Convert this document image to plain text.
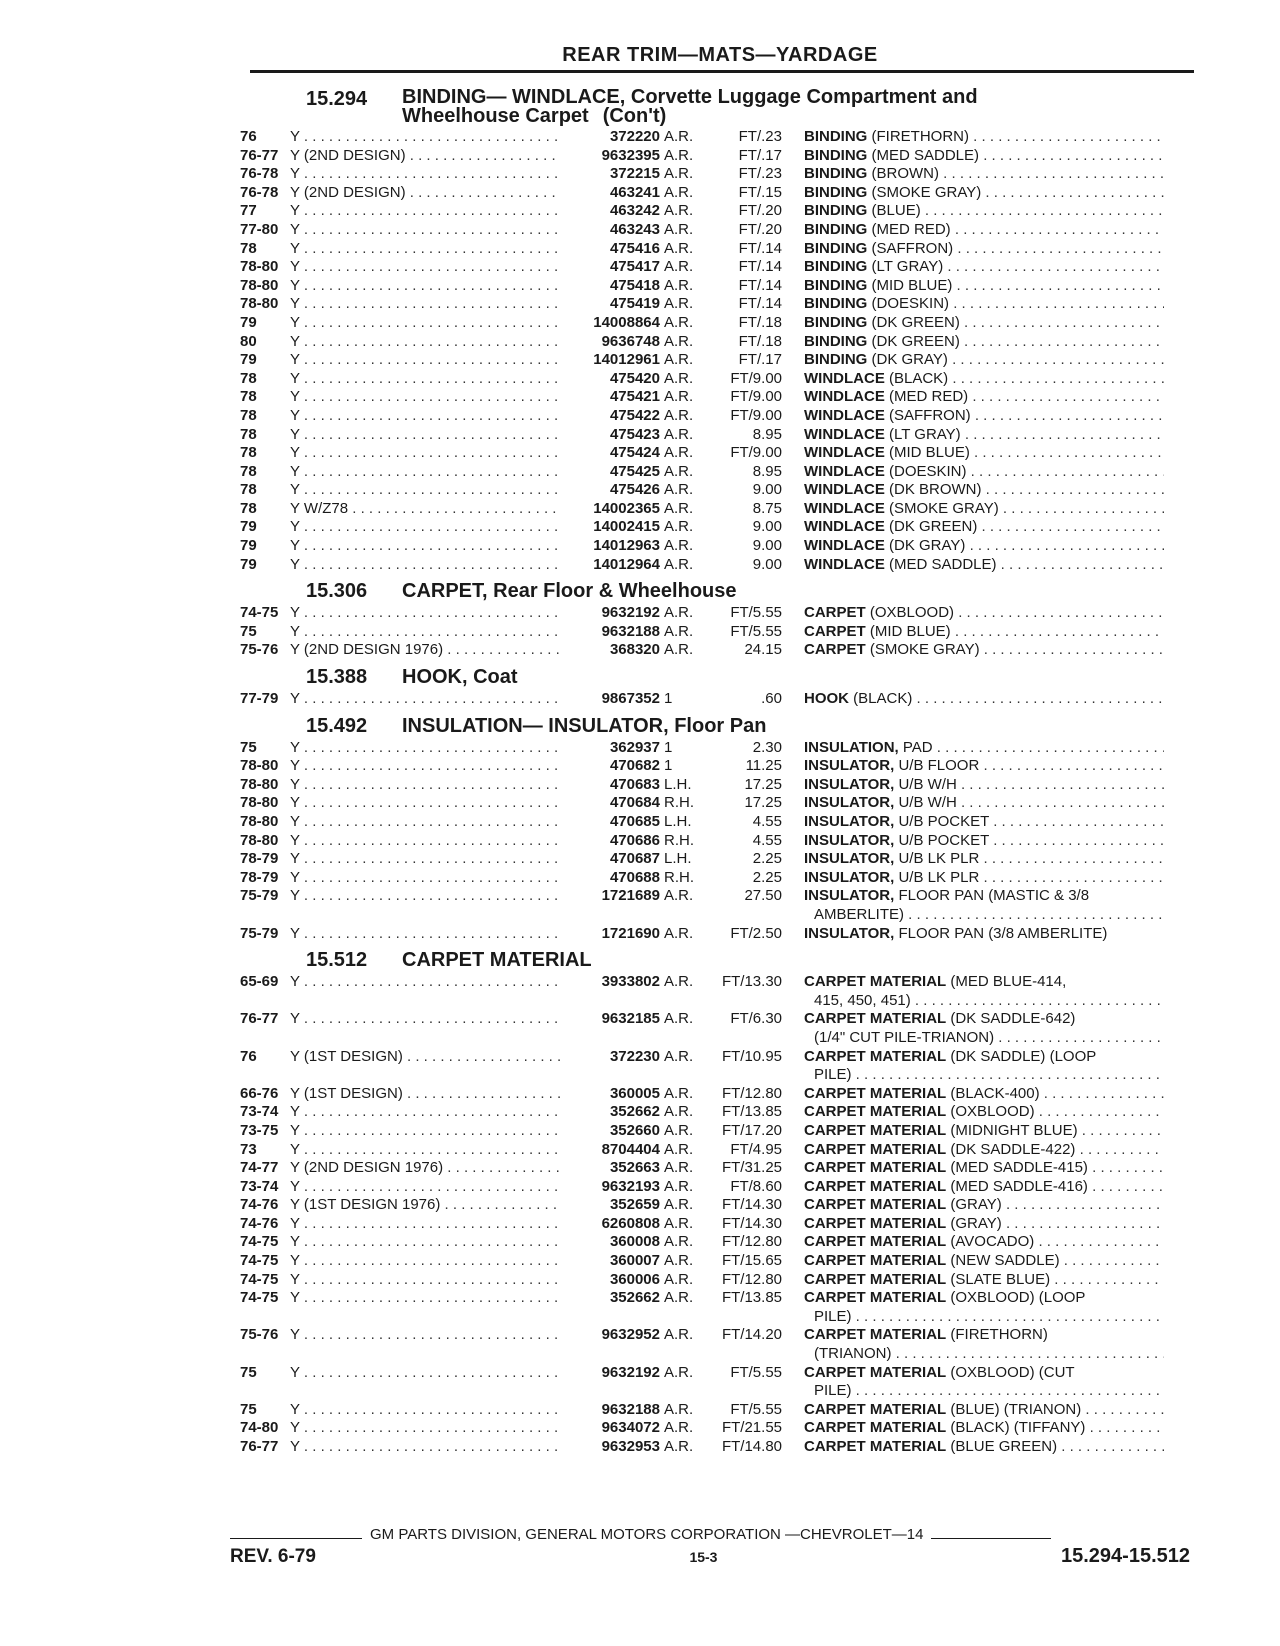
REAR TRIM—MATS—YARDAGE
15.294	BINDING— WINDLACE, Corvette Luggage Compartment and
Wheelhouse Carpet (Con't)
76	Y . . .	372220 A.R.	FT/.23	BINDING (FIRETHORN) . . .
76-77 Y (2ND DESIGN) . . .	9632395 A.R.	FT/.17	BINDING (MED SADDLE) . . .
76-78 Y . . .	372215 A.R.	FT/.23	BINDING (BROWN) . . .
76-78 Y (2ND DESIGN) . . .	463241 A.R.	FT/.15	BINDING (SMOKE GRAY) . . .
77	Y . . .	463242 A.R.	FT/.20	BINDING (BLUE) . . .
77-80 Y . . .	463243 A.R.	FT/.20	BINDING (MED RED) . . .
78	Y . . .	475416 A.R.	FT/.14	BINDING (SAFFRON) . . .
78-80 Y . . .	475417 A.R.	FT/.14	BINDING (LT GRAY) . . .
78-80 Y . . .	475418 A.R.	FT/.14	BINDING (MID BLUE) . . .
78-80 Y . . .	475419 A.R.	FT/.14	BINDING (DOESKIN) . . .
79	Y . . .	14008864 A.R.	FT/.18	BINDING (DK GREEN) . . .
80	Y . . .	9636748 A.R.	FT/.18	BINDING (DK GREEN) . . .
79	Y . . .	14012961 A.R.	FT/.17	BINDING (DK GRAY) . . .
78	Y . . .	475420 A.R.	FT/9.00	WINDLACE (BLACK) . . .
78	Y . . .	475421 A.R.	FT/9.00	WINDLACE (MED RED) . . .
78	Y . . .	475422 A.R.	FT/9.00	WINDLACE (SAFFRON) . . .
78	Y . . .	475423 A.R.	8.95	WINDLACE (LT GRAY) . . .
78	Y . . .	475424 A.R.	FT/9.00	WINDLACE (MID BLUE) . . .
78	Y . . .	475425 A.R.	8.95	WINDLACE (DOESKIN) . . .
78	Y . . .	475426 A.R.	9.00	WINDLACE (DK BROWN) . . .
78	Y W/Z78 . . .	14002365 A.R.	8.75	WINDLACE (SMOKE GRAY) . . .
79	Y . . .	14002415 A.R.	9.00	WINDLACE (DK GREEN) . . .
79	Y . . .	14012963 A.R.	9.00	WINDLACE (DK GRAY) . . .
79	Y . . .	14012964 A.R.	9.00	WINDLACE (MED SADDLE) . . .
15.306	CARPET, Rear Floor & Wheelhouse
74-75 Y . . .	9632192 A.R.	FT/5.55	CARPET (OXBLOOD) . . .
75	Y . . .	9632188 A.R.	FT/5.55	CARPET (MID BLUE) . . .
75-76 Y (2ND DESIGN 1976) . . .	368320 A.R.	24.15	CARPET (SMOKE GRAY) . . .
15.388	HOOK, Coat
77-79 Y . . .	9867352 1	.60	HOOK (BLACK) . . .
15.492	INSULATION— INSULATOR, Floor Pan
75	Y . . .	362937 1	2.30	INSULATION, PAD . . .
78-80 Y . . .	470682 1	11.25	INSULATOR, U/B FLOOR . . .
78-80 Y . . .	470683 L.H.	17.25	INSULATOR, U/B W/H . . .
78-80 Y . . .	470684 R.H.	17.25	INSULATOR, U/B W/H . . .
78-80 Y . . .	470685 L.H.	4.55	INSULATOR, U/B POCKET . . .
78-80 Y . . .	470686 R.H.	4.55	INSULATOR, U/B POCKET . . .
78-79 Y . . .	470687 L.H.	2.25	INSULATOR, U/B LK PLR . . .
78-79 Y . . .	470688 R.H.	2.25	INSULATOR, U/B LK PLR . . .
75-79 Y . . .	1721689 A.R.	27.50	INSULATOR, FLOOR PAN (MASTIC & 3/8
AMBERLITE) . . .
75-79 Y . . .	1721690 A.R.	FT/2.50	INSULATOR, FLOOR PAN (3/8 AMBERLITE)
15.512	CARPET MATERIAL
65-69 Y . . .	3933802 A.R.	FT/13.30	CARPET MATERIAL (MED BLUE-414,
415, 450, 451) . . .
76-77 Y . . .	9632185 A.R.	FT/6.30	CARPET MATERIAL (DK SADDLE-642)
(1/4" CUT PILE-TRIANON) . . .
76	Y (1ST DESIGN) . . .	372230 A.R.	FT/10.95	CARPET MATERIAL (DK SADDLE) (LOOP
PILE) . . .
66-76 Y (1ST DESIGN) . . .	360005 A.R.	FT/12.80	CARPET MATERIAL (BLACK-400) . . .
73-74 Y . . .	352662 A.R.	FT/13.85	CARPET MATERIAL (OXBLOOD) . . .
73-75 Y . . .	352660 A.R.	FT/17.20	CARPET MATERIAL (MIDNIGHT BLUE) . . .
73	Y . . .	8704404 A.R.	FT/4.95	CARPET MATERIAL (DK SADDLE-422) . . .
74-77 Y (2ND DESIGN 1976) . . .	352663 A.R.	FT/31.25	CARPET MATERIAL (MED SADDLE-415) . . .
73-74 Y . . .	9632193 A.R.	FT/8.60	CARPET MATERIAL (MED SADDLE-416) . . .
74-76 Y (1ST DESIGN 1976) . . .	352659 A.R.	FT/14.30	CARPET MATERIAL (GRAY) . . .
74-76 Y . . .	6260808 A.R.	FT/14.30	CARPET MATERIAL (GRAY) . . .
74-75 Y . . .	360008 A.R.	FT/12.80	CARPET MATERIAL (AVOCADO) . . .
74-75 Y . . .	360007 A.R.	FT/15.65	CARPET MATERIAL (NEW SADDLE) . . .
74-75 Y . . .	360006 A.R.	FT/12.80	CARPET MATERIAL (SLATE BLUE) . . .
74-75 Y . . .	352662 A.R.	FT/13.85	CARPET MATERIAL (OXBLOOD) (LOOP
PILE) . . .
75-76 Y . . .	9632952 A.R.	FT/14.20	CARPET MATERIAL (FIRETHORN)
(TRIANON) . . .
75	Y . . .	9632192 A.R.	FT/5.55	CARPET MATERIAL (OXBLOOD) (CUT
PILE) . . .
75	Y . . .	9632188 A.R.	FT/5.55	CARPET MATERIAL (BLUE) (TRIANON) . . .
74-80 Y . . .	9634072 A.R.	FT/21.55	CARPET MATERIAL (BLACK) (TIFFANY) . . .
76-77 Y . . .	9632953 A.R.	FT/14.80	CARPET MATERIAL (BLUE GREEN) . . .
GM PARTS DIVISION, GENERAL MOTORS CORPORATION —CHEVROLET—14
REV. 6-79	15-3	15.294-15.512
